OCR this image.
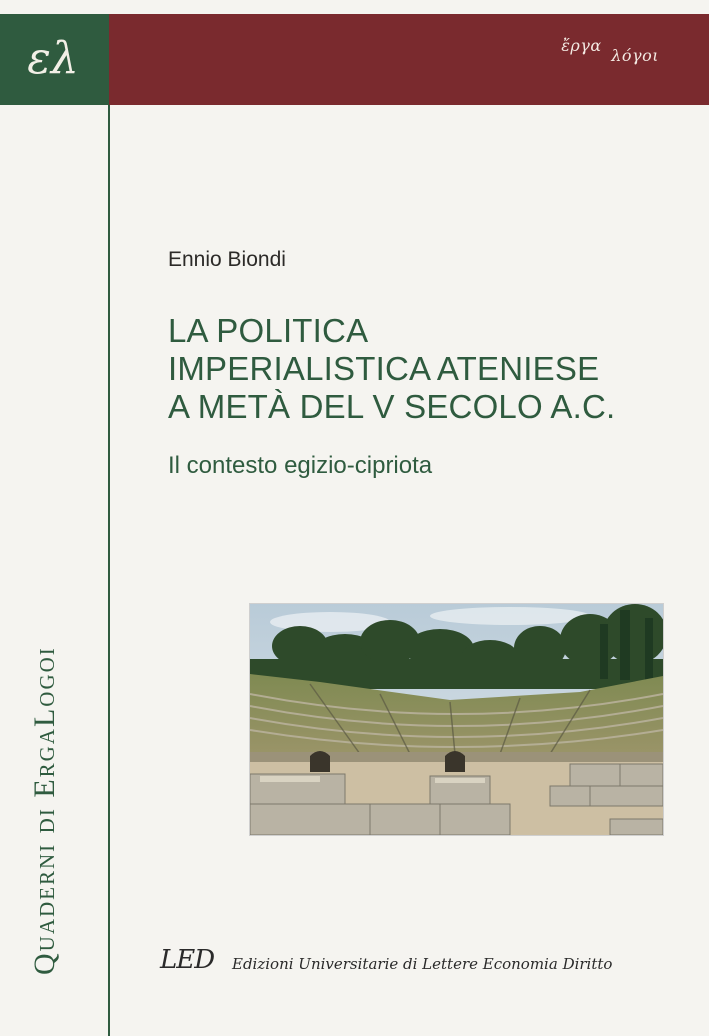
ελ	ἔργα λόγοι
Quaderni di ErgaLogoi
Ennio Biondi
LA POLITICA
IMPERIALISTICA ATENIESE
A METÀ DEL V SECOLO A.C.
Il contesto egizio-cipriota
LED Edizioni Universitarie di Lettere Economia Diritto
